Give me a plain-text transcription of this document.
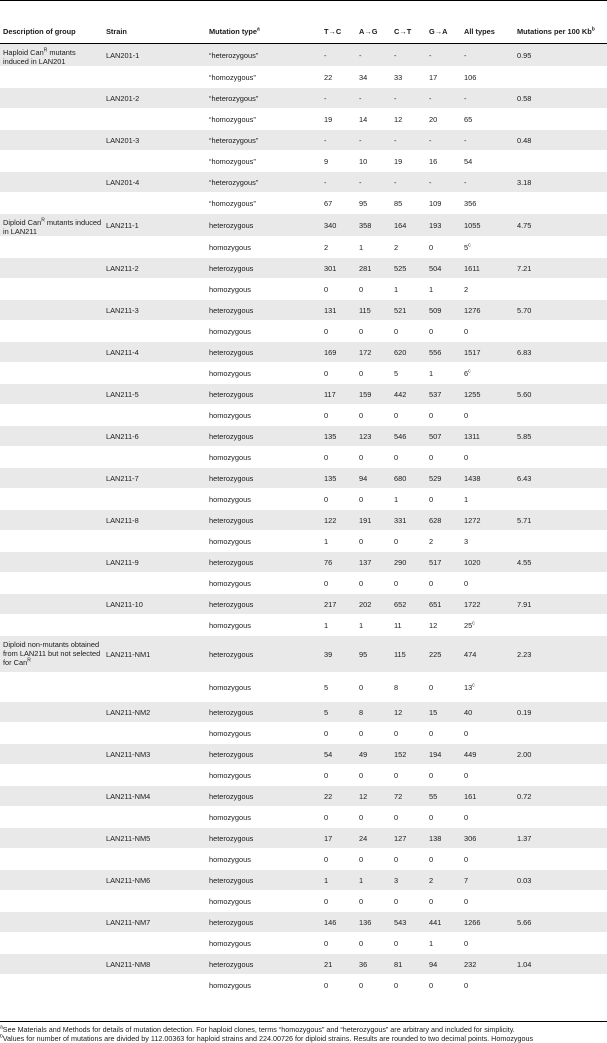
Description of group	Strain	Mutation type$^a$	T→C	A→G	C→T	G→A	All types	Mutations per 100 Kb$^b$
Haploid Can$^R$ mutants induced in LAN201	LAN201-1	“heterozygous”	-	-	-	-	-	0.95
		“homozygous”	22	34	33	17	106	
	LAN201-2	“heterozygous”	-	-	-	-	-	0.58
		“homozygous”	19	14	12	20	65	
	LAN201-3	“heterozygous”	-	-	-	-	-	0.48
		“homozygous”	9	10	19	16	54	
	LAN201-4	“heterozygous”	-	-	-	-	-	3.18
		“homozygous”	67	95	85	109	356	
Diploid Can$^R$ mutants induced in LAN211	LAN211-1	heterozygous	340	358	164	193	1055	4.75
		homozygous	2	1	2	0	5$^c$	
	LAN211-2	heterozygous	301	281	525	504	1611	7.21
		homozygous	0	0	1	1	2	
	LAN211-3	heterozygous	131	115	521	509	1276	5.70
		homozygous	0	0	0	0	0	
	LAN211-4	heterozygous	169	172	620	556	1517	6.83
		homozygous	0	0	5	1	6$^c$	
	LAN211-5	heterozygous	117	159	442	537	1255	5.60
		homozygous	0	0	0	0	0	
	LAN211-6	heterozygous	135	123	546	507	1311	5.85
		homozygous	0	0	0	0	0	
	LAN211-7	heterozygous	135	94	680	529	1438	6.43
		homozygous	0	0	1	0	1	
	LAN211-8	heterozygous	122	191	331	628	1272	5.71
		homozygous	1	0	0	2	3	
	LAN211-9	heterozygous	76	137	290	517	1020	4.55
		homozygous	0	0	0	0	0	
	LAN211-10	heterozygous	217	202	652	651	1722	7.91
		homozygous	1	1	11	12	25$^c$	
Diploid non-mutants obtained from LAN211 but not selected for Can$^R$	LAN211-NM1	heterozygous	39	95	115	225	474	2.23
		homozygous	5	0	8	0	13$^c$	
	LAN211-NM2	heterozygous	5	8	12	15	40	0.19
		homozygous	0	0	0	0	0	
	LAN211-NM3	heterozygous	54	49	152	194	449	2.00
		homozygous	0	0	0	0	0	
	LAN211-NM4	heterozygous	22	12	72	55	161	0.72
		homozygous	0	0	0	0	0	
	LAN211-NM5	heterozygous	17	24	127	138	306	1.37
		homozygous	0	0	0	0	0	
	LAN211-NM6	heterozygous	1	1	3	2	7	0.03
		homozygous	0	0	0	0	0	
	LAN211-NM7	heterozygous	146	136	543	441	1266	5.66
		homozygous	0	0	0	1	0	
	LAN211-NM8	heterozygous	21	36	81	94	232	1.04
		homozygous	0	0	0	0	0	

$^a$See Materials and Methods for details of mutation detection. For haploid clones, terms “homozygous” and “heterozygous” are arbitrary and included for simplicity.

$^b$Values for number of mutations are divided by 112.00363 for haploid strains and 224.00726 for diploid strains. Results are rounded to two decimal points. Homozygous
